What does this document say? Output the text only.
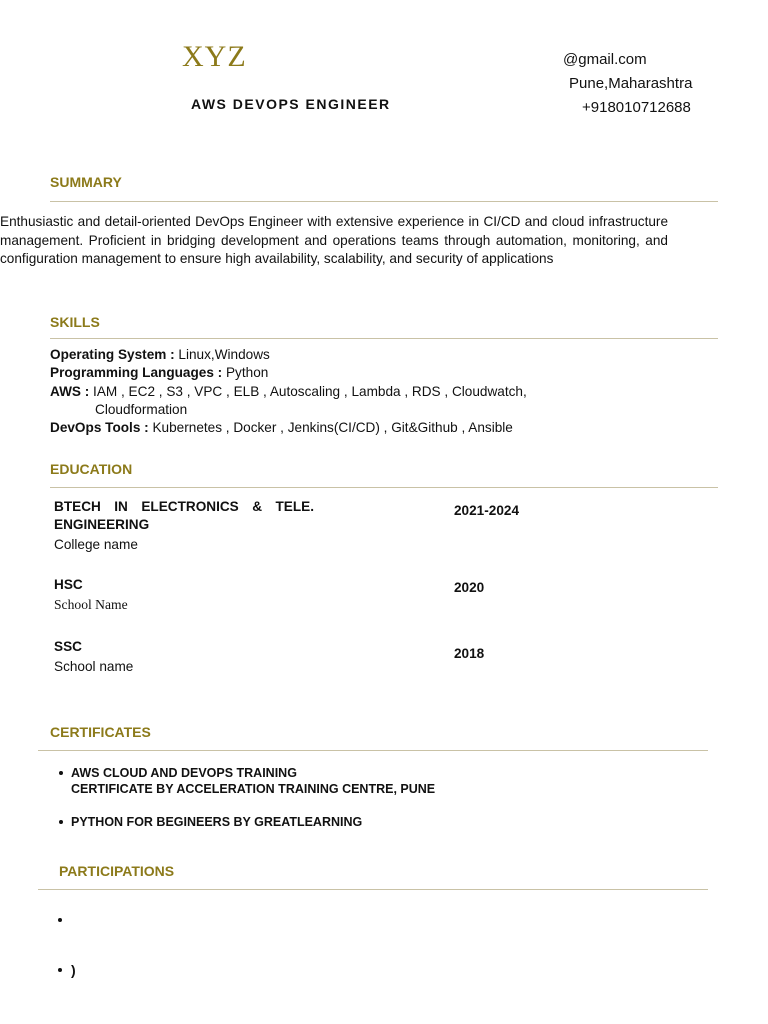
XYZ
AWS DEVOPS ENGINEER
@gmail.com
Pune,Maharashtra
+918010712688
SUMMARY
Enthusiastic and detail-oriented DevOps Engineer with extensive experience in CI/CD and cloud infrastructure management. Proficient in bridging development and operations teams through automation, monitoring, and configuration management to ensure high availability, scalability, and security of applications
SKILLS
Operating System : Linux,Windows
Programming Languages : Python
AWS : IAM , EC2 , S3 , VPC , ELB , Autoscaling , Lambda , RDS , Cloudwatch,
Cloudformation
DevOps Tools : Kubernetes , Docker , Jenkins(CI/CD) , Git&Github , Ansible
EDUCATION
BTECH IN ELECTRONICS & TELE.
ENGINEERING
College name
2021-2024
HSC
School Name
2020
SSC
School name
2018
CERTIFICATES
AWS CLOUD AND DEVOPS TRAINING
CERTIFICATE BY ACCELERATION TRAINING CENTRE, PUNE
PYTHON FOR BEGINEERS BY GREATLEARNING
PARTICIPATIONS
)
